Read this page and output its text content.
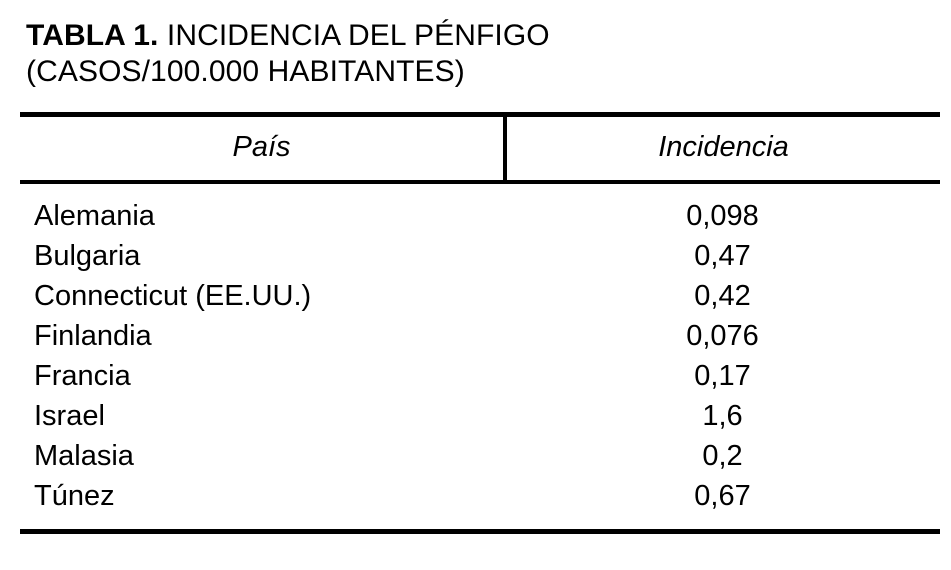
TABLA 1. INCIDENCIA DEL PÉNFIGO
(CASOS/100.000 HABITANTES)

País	Incidencia

Alemania	0,098
Bulgaria	0,47
Connecticut (EE.UU.)	0,42
Finlandia	0,076
Francia	0,17
Israel	1,6
Malasia	0,2
Túnez	0,67
